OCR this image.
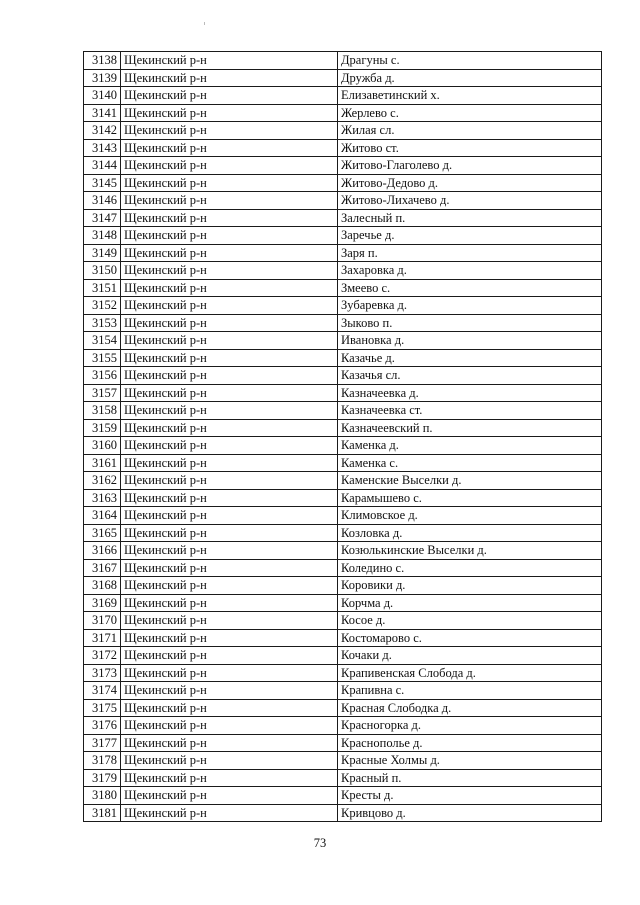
3138	Щекинский р-н	Драгуны с.
3139	Щекинский р-н	Дружба д.
3140	Щекинский р-н	Елизаветинский х.
3141	Щекинский р-н	Жерлево с.
3142	Щекинский р-н	Жилая сл.
3143	Щекинский р-н	Житово ст.
3144	Щекинский р-н	Житово-Глаголево д.
3145	Щекинский р-н	Житово-Дедово д.
3146	Щекинский р-н	Житово-Лихачево д.
3147	Щекинский р-н	Залесный п.
3148	Щекинский р-н	Заречье д.
3149	Щекинский р-н	Заря п.
3150	Щекинский р-н	Захаровка д.
3151	Щекинский р-н	Змеево с.
3152	Щекинский р-н	Зубаревка д.
3153	Щекинский р-н	Зыково п.
3154	Щекинский р-н	Ивановка д.
3155	Щекинский р-н	Казачье д.
3156	Щекинский р-н	Казачья сл.
3157	Щекинский р-н	Казначеевка д.
3158	Щекинский р-н	Казначеевка ст.
3159	Щекинский р-н	Казначеевский п.
3160	Щекинский р-н	Каменка д.
3161	Щекинский р-н	Каменка с.
3162	Щекинский р-н	Каменские Выселки д.
3163	Щекинский р-н	Карамышево с.
3164	Щекинский р-н	Климовское д.
3165	Щекинский р-н	Козловка д.
3166	Щекинский р-н	Козюлькинские Выселки д.
3167	Щекинский р-н	Коледино с.
3168	Щекинский р-н	Коровики д.
3169	Щекинский р-н	Корчма д.
3170	Щекинский р-н	Косое д.
3171	Щекинский р-н	Костомарово с.
3172	Щекинский р-н	Кочаки д.
3173	Щекинский р-н	Крапивенская Слобода д.
3174	Щекинский р-н	Крапивна с.
3175	Щекинский р-н	Красная Слободка д.
3176	Щекинский р-н	Красногорка д.
3177	Щекинский р-н	Краснополье д.
3178	Щекинский р-н	Красные Холмы д.
3179	Щекинский р-н	Красный п.
3180	Щекинский р-н	Кресты д.
3181	Щекинский р-н	Кривцово д.
73
